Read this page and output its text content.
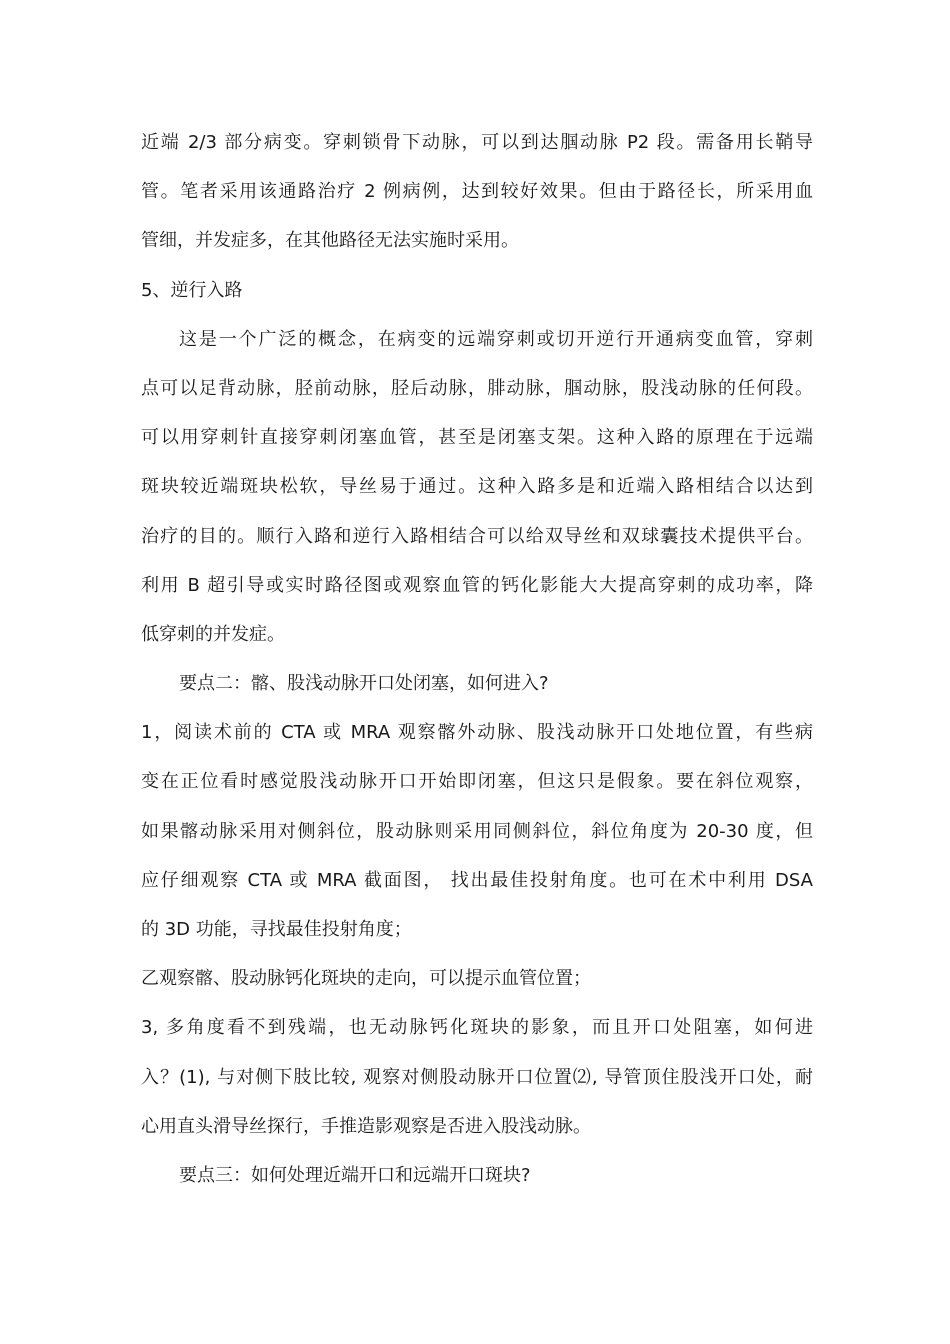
近端 2/3 部分病变。穿刺锁骨下动脉，可以到达腘动脉 P2 段。需备用长鞘导
管。笔者采用该通路治疗 2 例病例，达到较好效果。但由于路径长，所采用血
管细，并发症多，在其他路径无法实施时采用。
5、逆行入路
这是一个广泛的概念，在病变的远端穿刺或切开逆行开通病变血管，穿刺
点可以足背动脉，胫前动脉，胫后动脉，腓动脉，腘动脉，股浅动脉的任何段。
可以用穿刺针直接穿刺闭塞血管，甚至是闭塞支架。这种入路的原理在于远端
斑块较近端斑块松软，导丝易于通过。这种入路多是和近端入路相结合以达到
治疗的目的。顺行入路和逆行入路相结合可以给双导丝和双球囊技术提供平台。
利用 B 超引导或实时路径图或观察血管的钙化影能大大提高穿刺的成功率，降
低穿刺的并发症。
要点二：髂、股浅动脉开口处闭塞，如何进入?
1，阅读术前的 CTA 或 MRA 观察髂外动脉、股浅动脉开口处地位置，有些病
变在正位看时感觉股浅动脉开口开始即闭塞，但这只是假象。要在斜位观察，
如果髂动脉采用对侧斜位，股动脉则采用同侧斜位，斜位角度为 20-30 度，但
应仔细观察 CTA 或 MRA 截面图， 找出最佳投射角度。也可在术中利用 DSA
的 3D 功能，寻找最佳投射角度；
乙观察髂、股动脉钙化斑块的走向，可以提示血管位置；
3, 多角度看不到残端，也无动脉钙化斑块的影象，而且开口处阻塞，如何进
入？(1), 与对侧下肢比较, 观察对侧股动脉开口位置⑵, 导管顶住股浅开口处，耐
心用直头滑导丝探行，手推造影观察是否进入股浅动脉。
要点三：如何处理近端开口和远端开口斑块?
